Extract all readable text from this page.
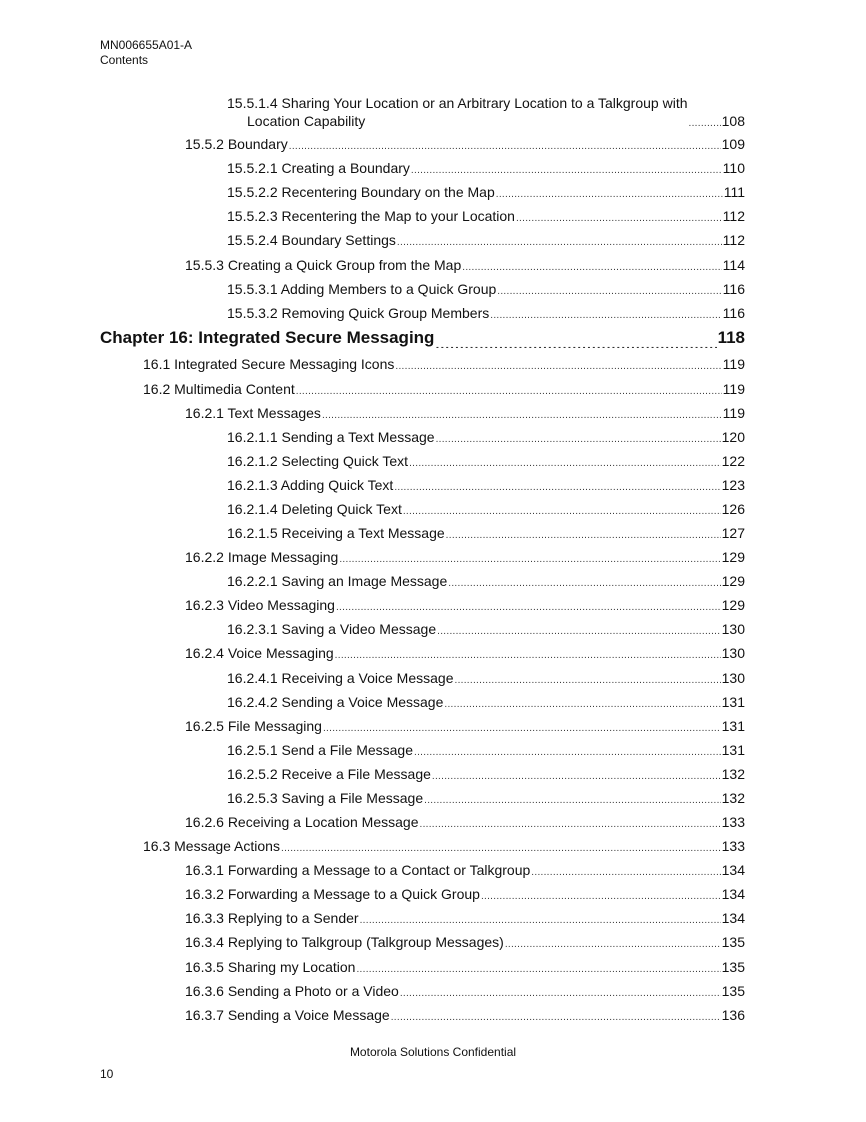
MN006655A01-A
Contents
15.5.1.4 Sharing Your Location or an Arbitrary Location to a Talkgroup with
Location Capability .....	108
15.5.2 Boundary .....	109
15.5.2.1 Creating a Boundary .....	110
15.5.2.2 Recentering Boundary on the Map .....	111
15.5.2.3 Recentering the Map to your Location .....	112
15.5.2.4 Boundary Settings .....	112
15.5.3 Creating a Quick Group from the Map .....	114
15.5.3.1 Adding Members to a Quick Group .....	116
15.5.3.2 Removing Quick Group Members .....	116
Chapter 16: Integrated Secure Messaging .....	118
16.1 Integrated Secure Messaging Icons .....	119
16.2 Multimedia Content .....	119
16.2.1 Text Messages .....	119
16.2.1.1 Sending a Text Message .....	120
16.2.1.2 Selecting Quick Text .....	122
16.2.1.3 Adding Quick Text .....	123
16.2.1.4 Deleting Quick Text .....	126
16.2.1.5 Receiving a Text Message .....	127
16.2.2 Image Messaging .....	129
16.2.2.1 Saving an Image Message .....	129
16.2.3 Video Messaging .....	129
16.2.3.1 Saving a Video Message .....	130
16.2.4 Voice Messaging .....	130
16.2.4.1 Receiving a Voice Message .....	130
16.2.4.2 Sending a Voice Message .....	131
16.2.5 File Messaging .....	131
16.2.5.1 Send a File Message .....	131
16.2.5.2 Receive a File Message .....	132
16.2.5.3 Saving a File Message .....	132
16.2.6 Receiving a Location Message .....	133
16.3 Message Actions .....	133
16.3.1 Forwarding a Message to a Contact or Talkgroup .....	134
16.3.2 Forwarding a Message to a Quick Group .....	134
16.3.3 Replying to a Sender .....	134
16.3.4 Replying to Talkgroup (Talkgroup Messages) .....	135
16.3.5 Sharing my Location .....	135
16.3.6 Sending a Photo or a Video .....	135
16.3.7 Sending a Voice Message .....	136
Motorola Solutions Confidential
10
